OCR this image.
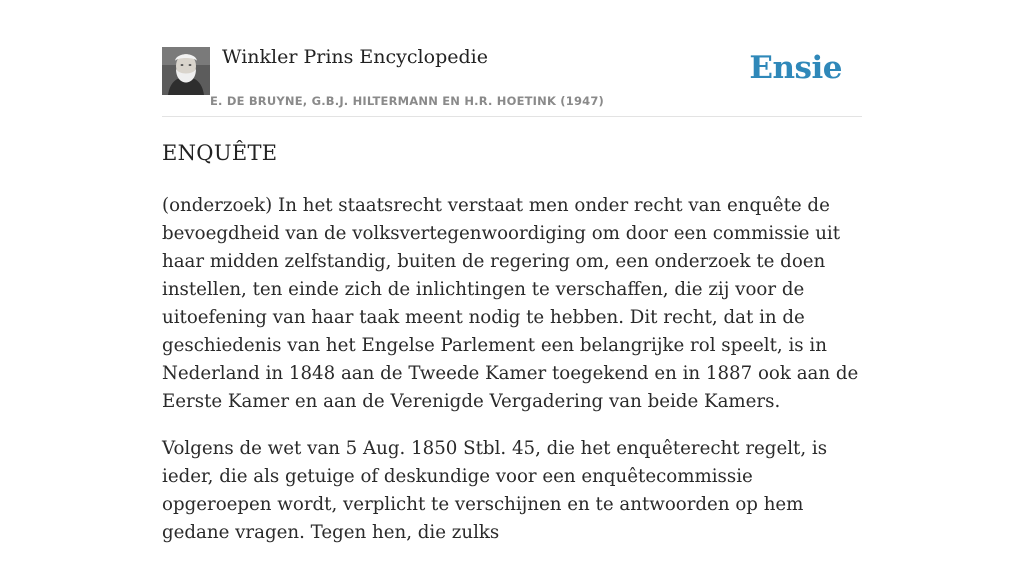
Winkler Prins Encyclopedie
E. DE BRUYNE, G.B.J. HILTERMANN EN H.R. HOETINK (1947)
Ensie
ENQUÊTE

(onderzoek) In het staatsrecht verstaat men onder recht van enquête de bevoegdheid van de volksvertegenwoordiging om door een commissie uit haar midden zelfstandig, buiten de regering om, een onderzoek te doen instellen, ten einde zich de inlichtingen te verschaffen, die zij voor de uitoefening van haar taak meent nodig te hebben. Dit recht, dat in de geschiedenis van het Engelse Parlement een belangrijke rol speelt, is in Nederland in 1848 aan de Tweede Kamer toegekend en in 1887 ook aan de Eerste Kamer en aan de Verenigde Vergadering van beide Kamers.

Volgens de wet van 5 Aug. 1850 Stbl. 45, die het enquêterecht regelt, is ieder, die als getuige of deskundige voor een enquêtecommissie opgeroepen wordt, verplicht te verschijnen en te antwoorden op hem gedane vragen. Tegen hen, die zulks
